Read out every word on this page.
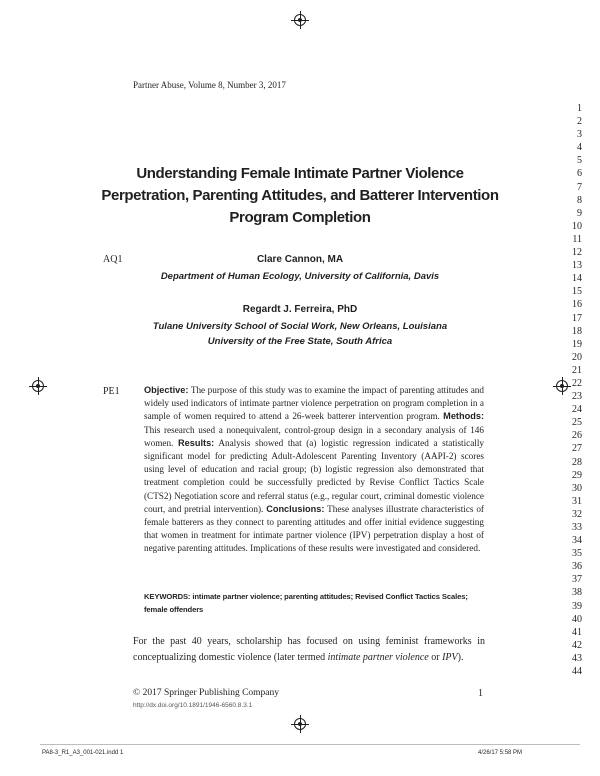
Partner Abuse, Volume 8, Number 3, 2017
Understanding Female Intimate Partner Violence Perpetration, Parenting Attitudes, and Batterer Intervention Program Completion
AQ1	Clare Cannon, MA
Department of Human Ecology, University of California, Davis
Regardt J. Ferreira, PhD
Tulane University School of Social Work, New Orleans, Louisiana
University of the Free State, South Africa
PE1	Objective: The purpose of this study was to examine the impact of parenting attitudes and widely used indicators of intimate partner violence perpetration on program completion in a sample of women required to attend a 26-week batterer intervention program. Methods: This research used a nonequivalent, control-group design in a secondary analysis of 146 women. Results: Analysis showed that (a) logistic regression indicated a statistically significant model for predicting Adult-Adolescent Parenting Inventory (AAPI-2) scores using level of education and racial group; (b) logistic regression also demonstrated that treatment completion could be successfully predicted by Revise Conflict Tactics Scale (CTS2) Negotiation score and referral status (e.g., regular court, criminal domestic violence court, and pretrial intervention). Conclusions: These analyses illustrate characteristics of female batterers as they connect to parenting attitudes and offer initial evidence suggesting that women in treatment for intimate partner violence (IPV) perpetration display a host of negative parenting attitudes. Implications of these results were investigated and considered.
KEYWORDS: intimate partner violence; parenting attitudes; Revised Conflict Tactics Scales; female offenders
For the past 40 years, scholarship has focused on using feminist frameworks in conceptualizing domestic violence (later termed intimate partner violence or IPV).
1
2
3
4
5
6
7
8
9
10
11
12
13
14
15
16
17
18
19
20
21
22
23
24
25
26
27
28
29
30
31
32
33
34
35
36
37
38
39
40
41
42
43
44
© 2017 Springer Publishing Company	1
http://dx.doi.org/10.1891/1946-6560.8.3.1
PA8-3_R1_A3_001-021.indd 1	4/26/17 5:58 PM
